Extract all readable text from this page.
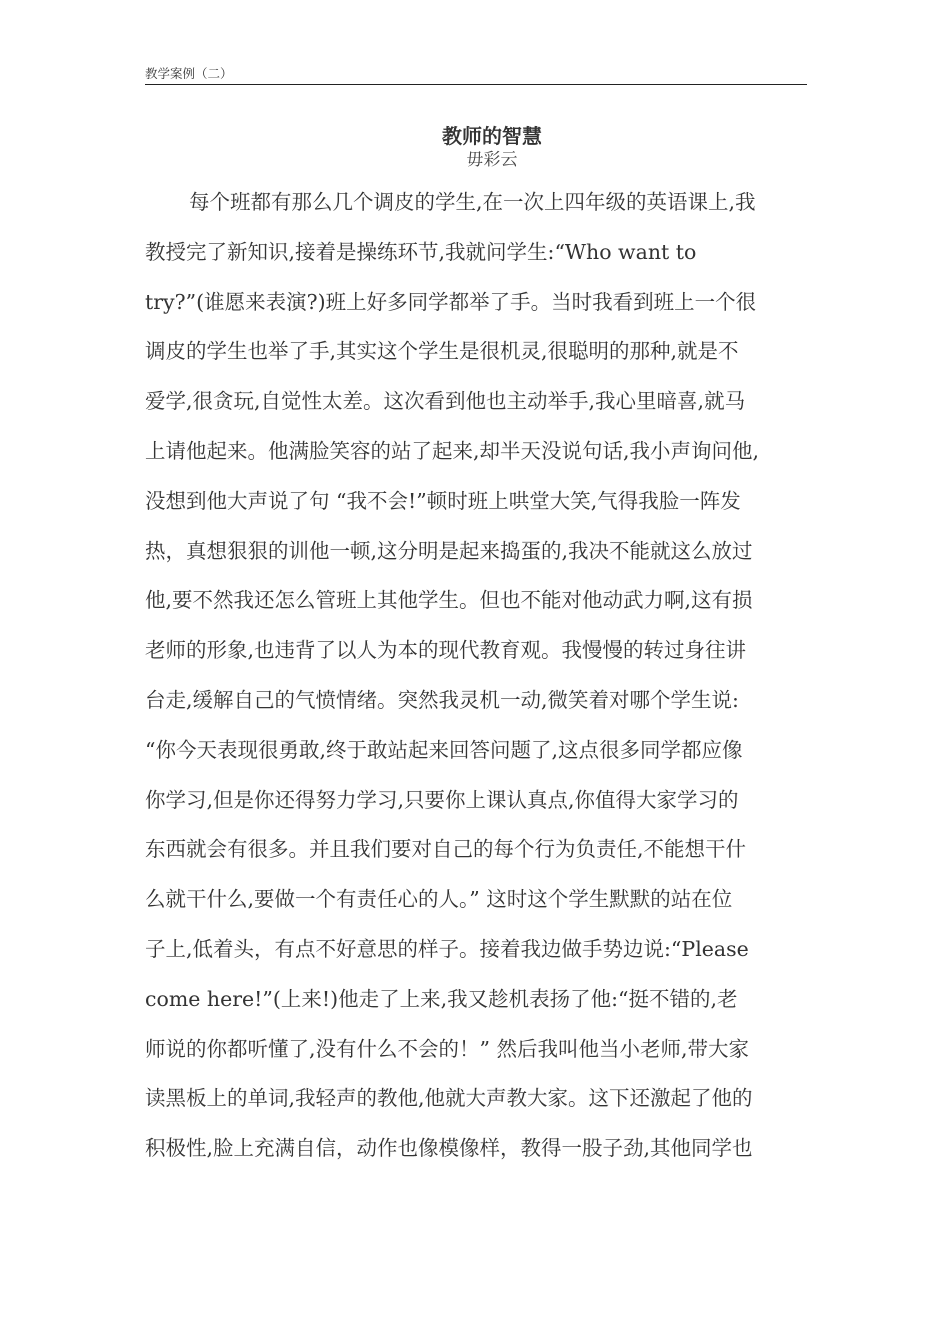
教学案例（二）
教师的智慧
毋彩云
每个班都有那么几个调皮的学生,在一次上四年级的英语课上,我
教授完了新知识,接着是操练环节,我就问学生:“Who want to
try?”(谁愿来表演?)班上好多同学都举了手。当时我看到班上一个很
调皮的学生也举了手,其实这个学生是很机灵,很聪明的那种,就是不
爱学,很贪玩,自觉性太差。这次看到他也主动举手,我心里暗喜,就马
上请他起来。他满脸笑容的站了起来,却半天没说句话,我小声询问他,
没想到他大声说了句 “我不会!”顿时班上哄堂大笑,气得我脸一阵发
热，真想狠狠的训他一顿,这分明是起来捣蛋的,我决不能就这么放过
他,要不然我还怎么管班上其他学生。但也不能对他动武力啊,这有损
老师的形象,也违背了以人为本的现代教育观。我慢慢的转过身往讲
台走,缓解自己的气愤情绪。突然我灵机一动,微笑着对哪个学生说:
“你今天表现很勇敢,终于敢站起来回答问题了,这点很多同学都应像
你学习,但是你还得努力学习,只要你上课认真点,你值得大家学习的
东西就会有很多。并且我们要对自己的每个行为负责任,不能想干什
么就干什么,要做一个有责任心的人。” 这时这个学生默默的站在位
子上,低着头，有点不好意思的样子。接着我边做手势边说:“Please
come here!”(上来!)他走了上来,我又趁机表扬了他:“挺不错的,老
师说的你都听懂了,没有什么不会的！” 然后我叫他当小老师,带大家
读黑板上的单词,我轻声的教他,他就大声教大家。这下还激起了他的
积极性,脸上充满自信，动作也像模像样，教得一股子劲,其他同学也
